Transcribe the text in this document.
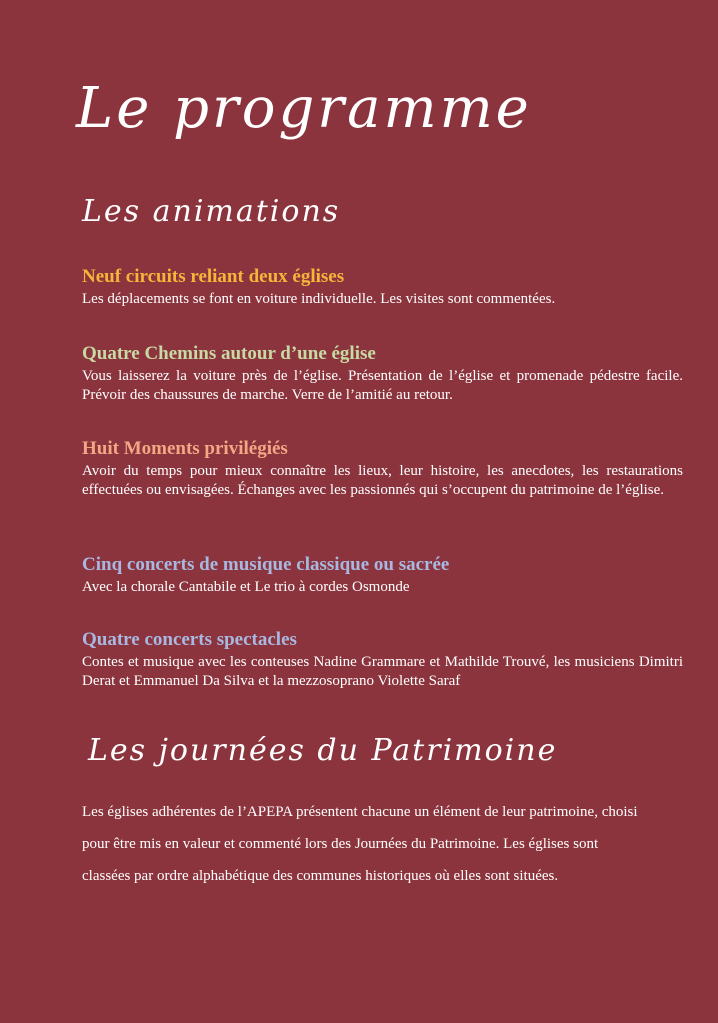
Le programme
Les animations
Neuf circuits reliant deux églises

Les déplacements se font en voiture individuelle. Les visites sont commentées.

Quatre Chemins autour d’une église

Vous laisserez la voiture près de l’église. Présentation de l’église et promenade pédestre facile. Prévoir des chaussures de marche. Verre de l’amitié au retour.

Huit Moments privilégiés

Avoir du temps pour mieux connaître les lieux, leur histoire, les anecdotes, les restaurations effectuées ou envisagées. Échanges avec les passionnés qui s’occupent du patrimoine de l’église.

Cinq concerts de musique classique ou sacrée

Avec la chorale Cantabile et Le trio à cordes Osmonde

Quatre concerts spectacles

Contes et musique avec les conteuses Nadine Grammare et Mathilde Trouvé, les musiciens Dimitri Derat et Emmanuel Da Silva et la mezzosoprano Violette Saraf

Les journées du Patrimoine

Les églises adhérentes de l’APEPA présentent chacune un élément de leur patrimoine, choisi pour être mis en valeur et commenté lors des Journées du Patrimoine. Les églises sont classées par ordre alphabétique des communes historiques où elles sont situées.
